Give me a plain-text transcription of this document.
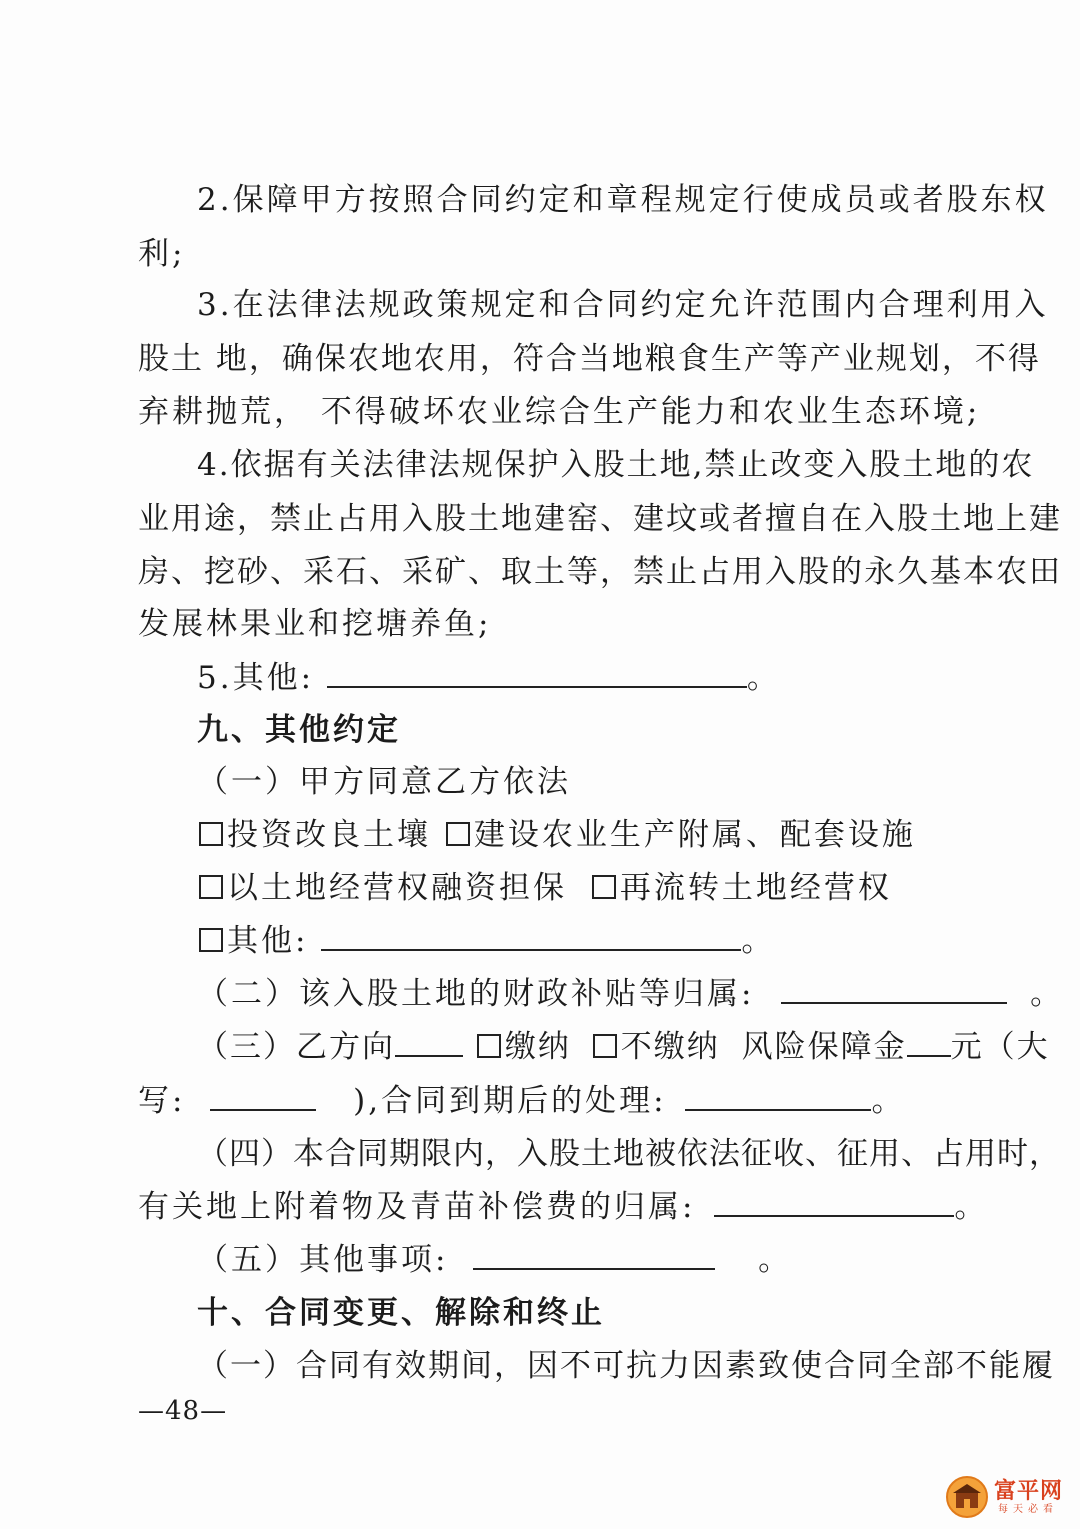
2.保障甲方按照合同约定和章程规定行使成员或者股东权
利;
3.在法律法规政策规定和合同约定允许范围内合理利用入
股土 地，确保农地农用，符合当地粮食生产等产业规划，不得
弃耕抛荒， 不得破坏农业综合生产能力和农业生态环境;
4.依据有关法律法规保护入股土地,禁止改变入股土地的农
业用途，禁止占用入股土地建窑、建坟或者擅自在入股土地上建
房、挖砂、采石、采矿、取土等，禁止占用入股的永久基本农田
发展林果业和挖塘养鱼;
5.其他:	。
九、其他约定
（一）甲方同意乙方依法
投资改良土壤 建设农业生产附属、配套设施
以土地经营权融资担保 再流转土地经营权
其他:	。
（二）该入股土地的财政补贴等归属:	。
（三）乙方向	缴纳 不缴纳 风险保障金 元（大
写:	),合同到期后的处理:	。
（四）本合同期限内，入股土地被依法征收、征用、占用时，
有关地上附着物及青苗补偿费的归属:	。
（五）其他事项:	。
十、合同变更、解除和终止
（一）合同有效期间，因不可抗力因素致使合同全部不能履
—48—
富平网
每天必看
